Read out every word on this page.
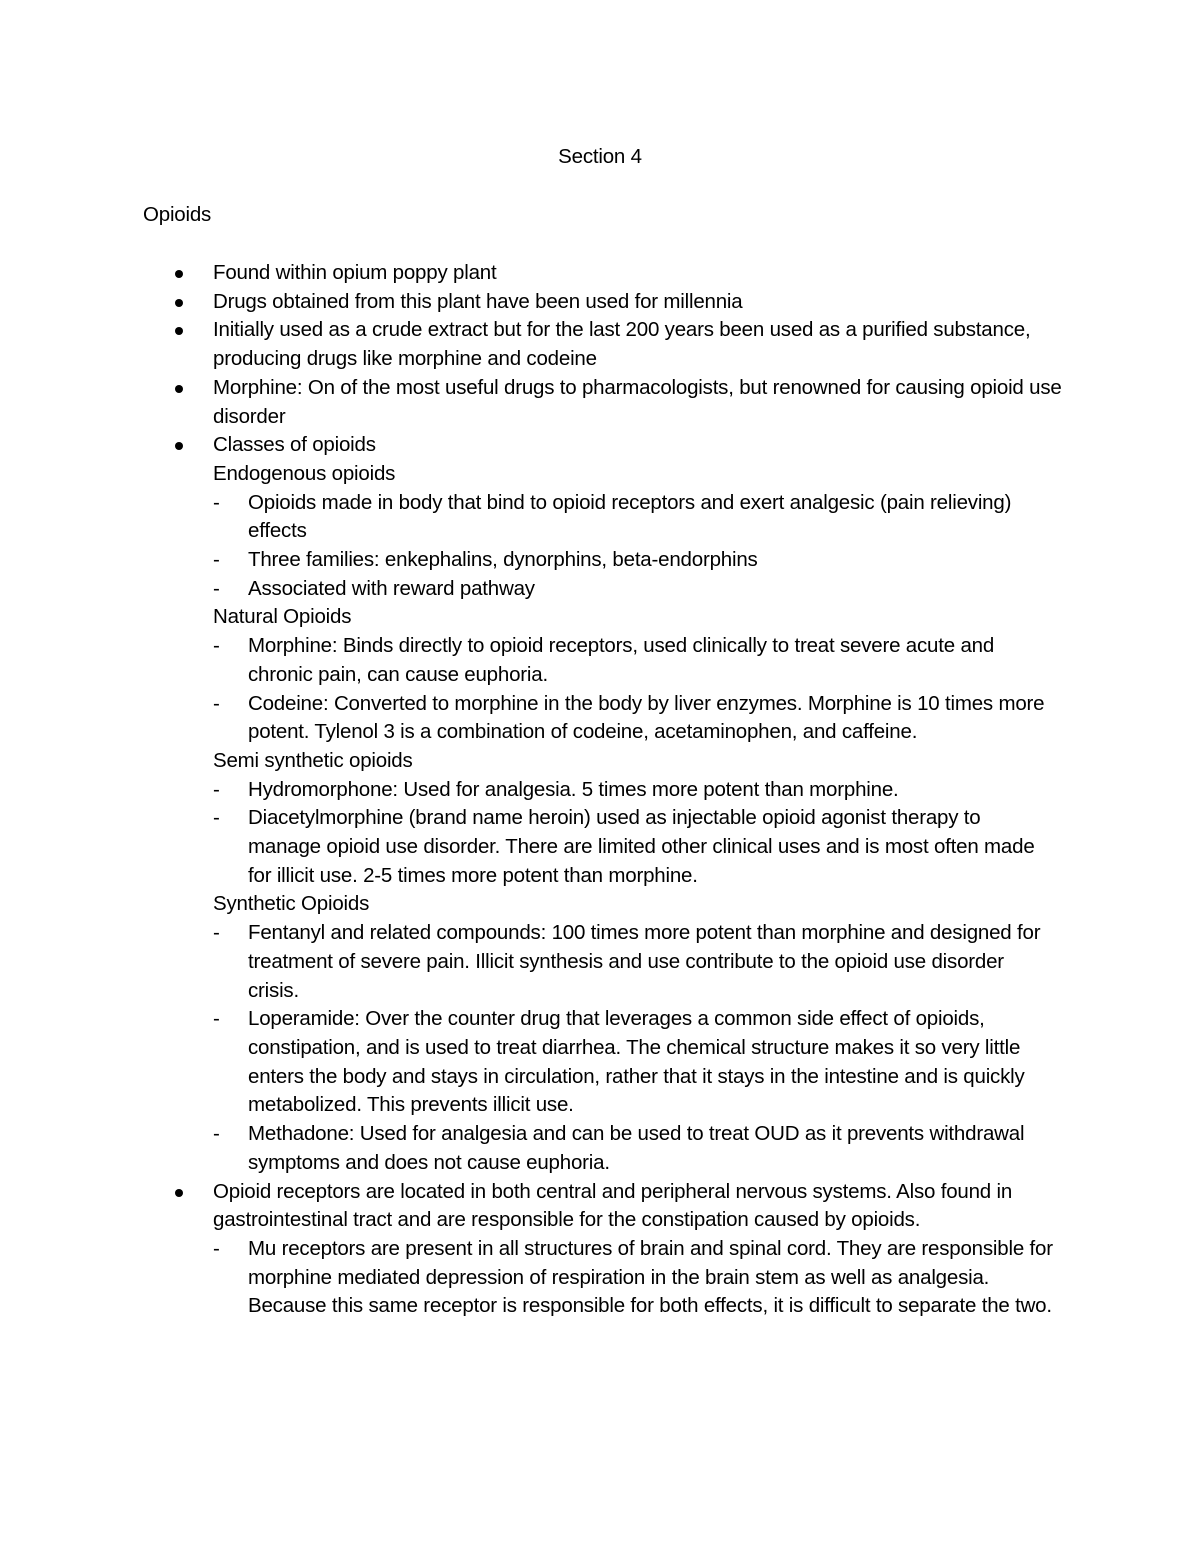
Section 4
Opioids
Found within opium poppy plant
Drugs obtained from this plant have been used for millennia
Initially used as a crude extract but for the last 200 years been used as a purified substance, producing drugs like morphine and codeine
Morphine: On of the most useful drugs to pharmacologists, but renowned for causing opioid use disorder
Classes of opioids
Endogenous opioids
- Opioids made in body that bind to opioid receptors and exert analgesic (pain relieving) effects
- Three families: enkephalins, dynorphins, beta-endorphins
- Associated with reward pathway
Natural Opioids
- Morphine: Binds directly to opioid receptors, used clinically to treat severe acute and chronic pain, can cause euphoria.
- Codeine: Converted to morphine in the body by liver enzymes. Morphine is 10 times more potent. Tylenol 3 is a combination of codeine, acetaminophen, and caffeine.
Semi synthetic opioids
- Hydromorphone: Used for analgesia. 5 times more potent than morphine.
- Diacetylmorphine (brand name heroin) used as injectable opioid agonist therapy to manage opioid use disorder. There are limited other clinical uses and is most often made for illicit use. 2-5 times more potent than morphine.
Synthetic Opioids
- Fentanyl and related compounds: 100 times more potent than morphine and designed for treatment of severe pain. Illicit synthesis and use contribute to the opioid use disorder crisis.
- Loperamide: Over the counter drug that leverages a common side effect of opioids, constipation, and is used to treat diarrhea. The chemical structure makes it so very little enters the body and stays in circulation, rather that it stays in the intestine and is quickly metabolized. This prevents illicit use.
- Methadone: Used for analgesia and can be used to treat OUD as it prevents withdrawal symptoms and does not cause euphoria.
Opioid receptors are located in both central and peripheral nervous systems. Also found in gastrointestinal tract and are responsible for the constipation caused by opioids.
- Mu receptors are present in all structures of brain and spinal cord. They are responsible for morphine mediated depression of respiration in the brain stem as well as analgesia. Because this same receptor is responsible for both effects, it is difficult to separate the two.
